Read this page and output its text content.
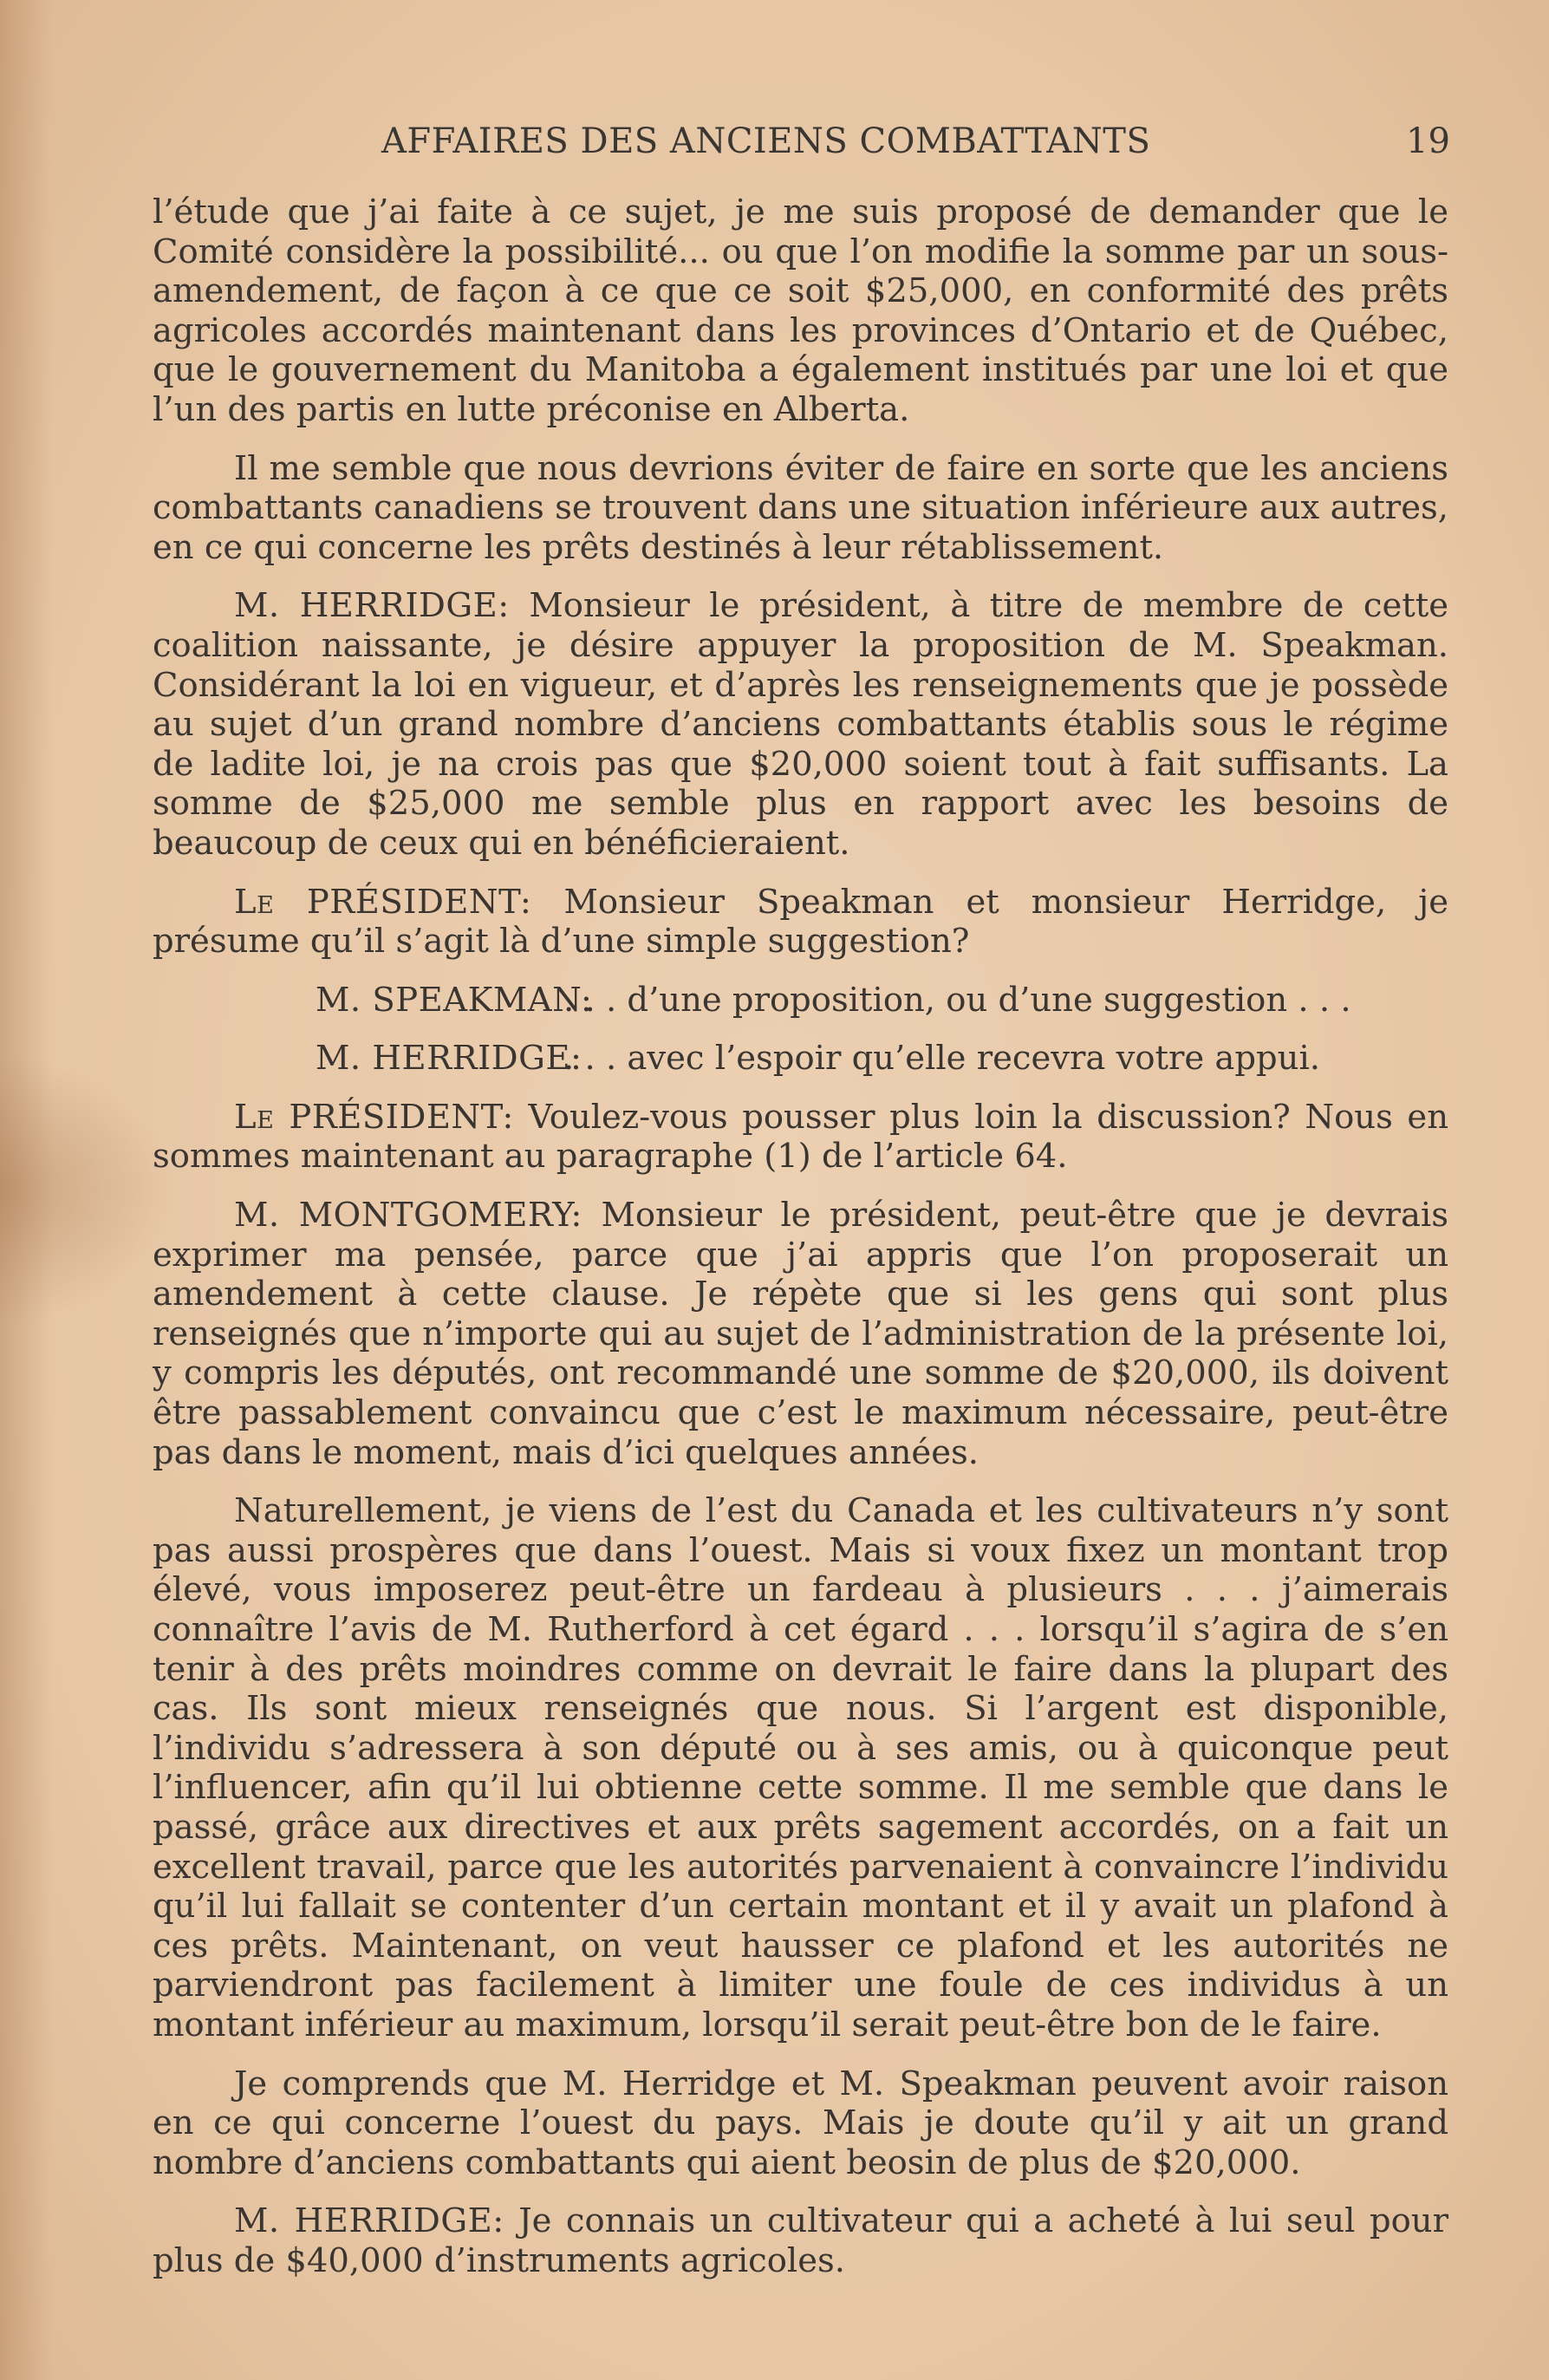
AFFAIRES DES ANCIENS COMBATTANTS	19

l’étude que j’ai faite à ce sujet, je me suis proposé de demander que le Comité considère la possibilité... ou que l’on modifie la somme par un sous-amendement, de façon à ce que ce soit $25,000, en conformité des prêts agricoles accordés maintenant dans les provinces d’Ontario et de Québec, que le gouvernement du Manitoba a également institués par une loi et que l’un des partis en lutte préconise en Alberta.

Il me semble que nous devrions éviter de faire en sorte que les anciens combattants canadiens se trouvent dans une situation inférieure aux autres, en ce qui concerne les prêts destinés à leur rétablissement.

M. HERRIDGE: Monsieur le président, à titre de membre de cette coalition naissante, je désire appuyer la proposition de M. Speakman. Considérant la loi en vigueur, et d’après les renseignements que je possède au sujet d’un grand nombre d’anciens combattants établis sous le régime de ladite loi, je na crois pas que $20,000 soient tout à fait suffisants. La somme de $25,000 me semble plus en rapport avec les besoins de beaucoup de ceux qui en bénéficieraient.

Le PRÉSIDENT: Monsieur Speakman et monsieur Herridge, je présume qu’il s’agit là d’une simple suggestion?

M. SPEAKMAN:. . . d’une proposition, ou d’une suggestion . . .
M. HERRIDGE:. . . avec l’espoir qu’elle recevra votre appui.

Le PRÉSIDENT: Voulez-vous pousser plus loin la discussion? Nous en sommes maintenant au paragraphe (1) de l’article 64.

M. MONTGOMERY: Monsieur le président, peut-être que je devrais exprimer ma pensée, parce que j’ai appris que l’on proposerait un amendement à cette clause. Je répète que si les gens qui sont plus renseignés que n’importe qui au sujet de l’administration de la présente loi, y compris les députés, ont recommandé une somme de $20,000, ils doivent être passablement convaincu que c’est le maximum nécessaire, peut-être pas dans le moment, mais d’ici quelques années.

Naturellement, je viens de l’est du Canada et les cultivateurs n’y sont pas aussi prospères que dans l’ouest. Mais si voux fixez un montant trop élevé, vous imposerez peut-être un fardeau à plusieurs . . . j’aimerais connaître l’avis de M. Rutherford à cet égard . . . lorsqu’il s’agira de s’en tenir à des prêts moindres comme on devrait le faire dans la plupart des cas. Ils sont mieux renseignés que nous. Si l’argent est disponible, l’individu s’adressera à son député ou à ses amis, ou à quiconque peut l’influencer, afin qu’il lui obtienne cette somme. Il me semble que dans le passé, grâce aux directives et aux prêts sagement accordés, on a fait un excellent travail, parce que les autorités parvenaient à convaincre l’individu qu’il lui fallait se contenter d’un certain montant et il y avait un plafond à ces prêts. Maintenant, on veut hausser ce plafond et les autorités ne parviendront pas facilement à limiter une foule de ces individus à un montant inférieur au maximum, lorsqu’il serait peut-être bon de le faire.

Je comprends que M. Herridge et M. Speakman peuvent avoir raison en ce qui concerne l’ouest du pays. Mais je doute qu’il y ait un grand nombre d’anciens combattants qui aient beosin de plus de $20,000.

M. HERRIDGE: Je connais un cultivateur qui a acheté à lui seul pour plus de $40,000 d’instruments agricoles.
